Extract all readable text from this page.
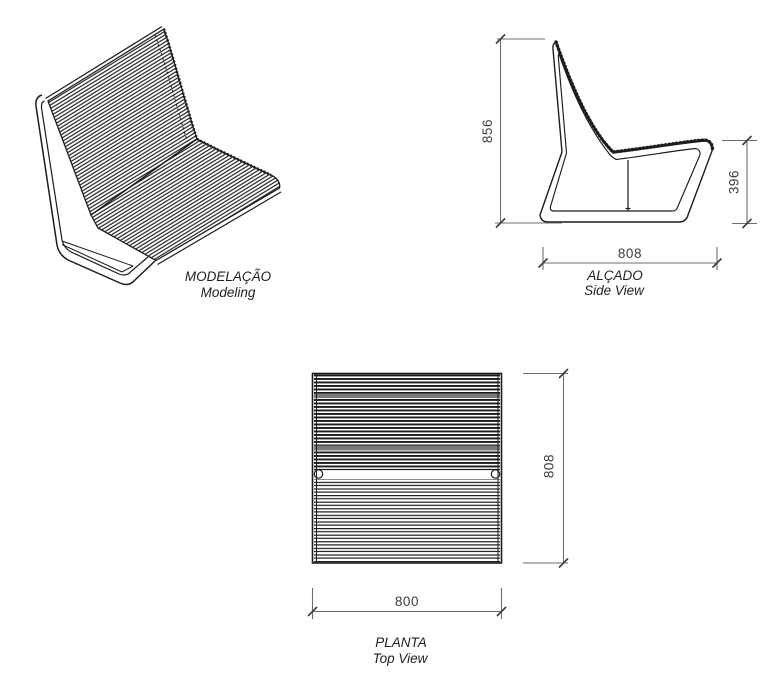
MODELAÇÃO
Modeling
856
396
808
ALÇADO
Side View
808
800
PLANTA
Top View
